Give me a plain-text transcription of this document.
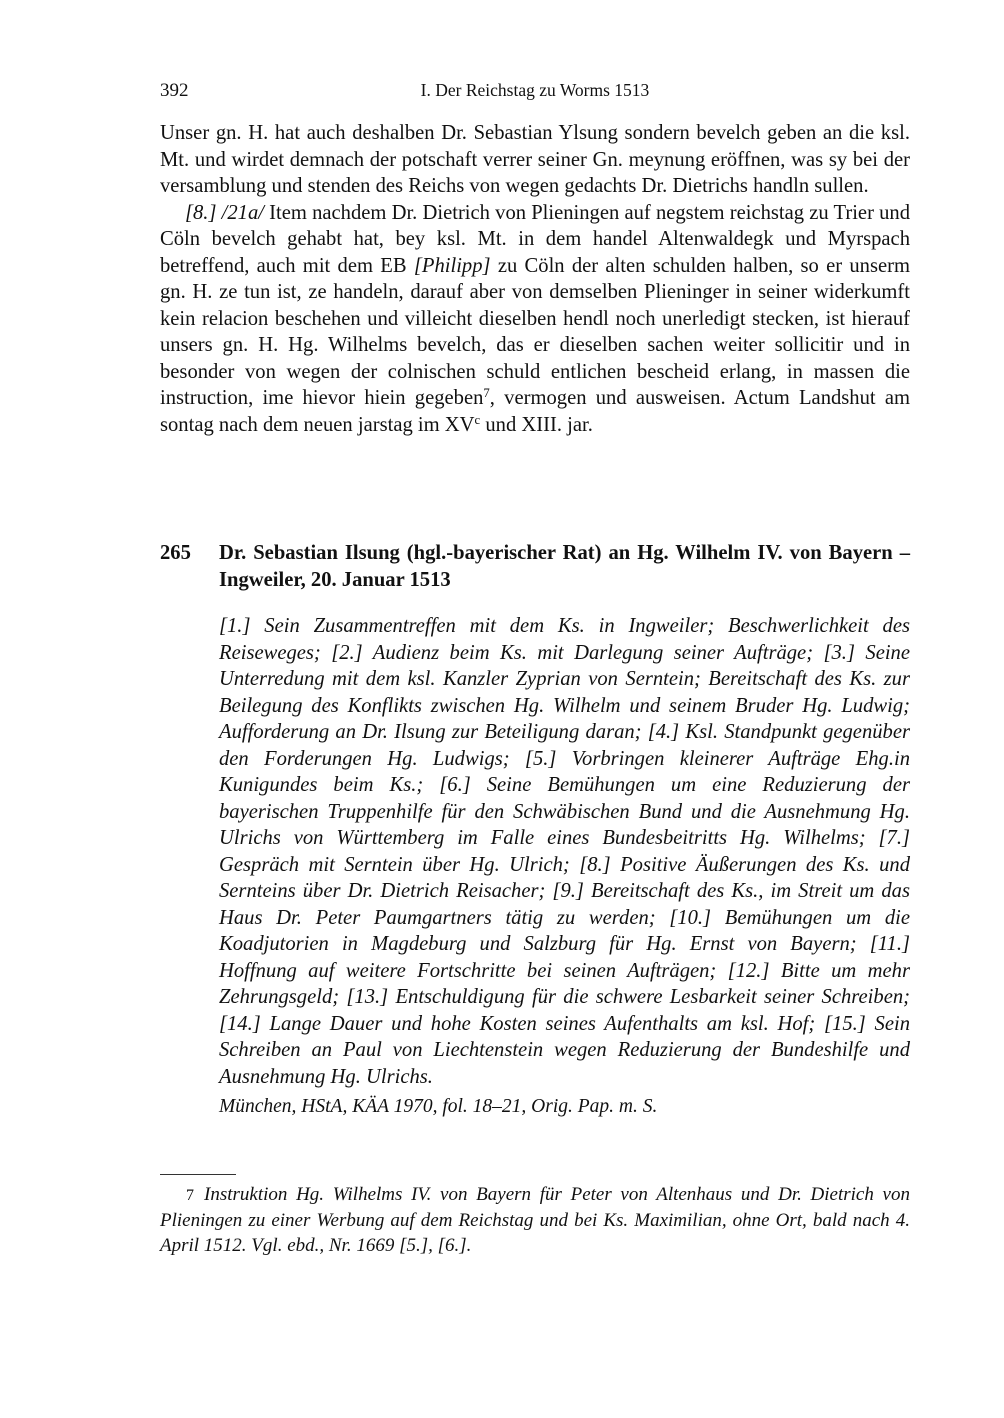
392	I. Der Reichstag zu Worms 1513

Unser gn. H. hat auch deshalben Dr. Sebastian Ylsung sondern bevelch geben an die ksl. Mt. und wirdet demnach der potschaft verrer seiner Gn. meynung eröffnen, was sy bei der versamblung und stenden des Reichs von wegen gedachts Dr. Dietrichs handln sullen.

[8.] /21a/ Item nachdem Dr. Dietrich von Plieningen auf negstem reichstag zu Trier und Cöln bevelch gehabt hat, bey ksl. Mt. in dem handel Altenwaldegk und Myrspach betreffend, auch mit dem EB [Philipp] zu Cöln der alten schulden halben, so er unserm gn. H. ze tun ist, ze handeln, darauf aber von demselben Plieninger in seiner widerkumft kein relacion beschehen und villeicht dieselben hendl noch unerledigt stecken, ist hierauf unsers gn. H. Hg. Wilhelms bevelch, das er dieselben sachen weiter sollicitir und in besonder von wegen der colnischen schuld entlichen bescheid erlang, in massen die instruction, ime hievor hiein gegeben$^7$, vermogen und ausweisen. Actum Landshut am sontag nach dem neuen jarstag im $XV^c$ und XIII. jar.

265 Dr. Sebastian Ilsung (hgl.-bayerischer Rat) an Hg. Wilhelm IV. von Bayern – Ingweiler, 20. Januar 1513

[1.] Sein Zusammentreffen mit dem Ks. in Ingweiler; Beschwerlichkeit des Reiseweges; [2.] Audienz beim Ks. mit Darlegung seiner Aufträge; [3.] Seine Unterredung mit dem ksl. Kanzler Zyprian von Serntein; Bereitschaft des Ks. zur Beilegung des Konflikts zwischen Hg. Wilhelm und seinem Bruder Hg. Ludwig; Aufforderung an Dr. Ilsung zur Beteiligung daran; [4.] Ksl. Standpunkt gegenüber den Forderungen Hg. Ludwigs; [5.] Vorbringen kleinerer Aufträge Ehg.in Kunigundes beim Ks.; [6.] Seine Bemühungen um eine Reduzierung der bayerischen Truppenhilfe für den Schwäbischen Bund und die Ausnehmung Hg. Ulrichs von Württemberg im Falle eines Bundesbeitritts Hg. Wilhelms; [7.] Gespräch mit Serntein über Hg. Ulrich; [8.] Positive Äußerungen des Ks. und Sernteins über Dr. Dietrich Reisacher; [9.] Bereitschaft des Ks., im Streit um das Haus Dr. Peter Paumgartners tätig zu werden; [10.] Bemühungen um die Koadjutorien in Magdeburg und Salzburg für Hg. Ernst von Bayern; [11.] Hoffnung auf weitere Fortschritte bei seinen Aufträgen; [12.] Bitte um mehr Zehrungsgeld; [13.] Entschuldigung für die schwere Lesbarkeit seiner Schreiben; [14.] Lange Dauer und hohe Kosten seines Aufenthalts am ksl. Hof; [15.] Sein Schreiben an Paul von Liechtenstein wegen Reduzierung der Bundeshilfe und Ausnehmung Hg. Ulrichs.

München, HStA, KÄA 1970, fol. 18–21, Orig. Pap. m. S.

7 Instruktion Hg. Wilhelms IV. von Bayern für Peter von Altenhaus und Dr. Dietrich von Plieningen zu einer Werbung auf dem Reichstag und bei Ks. Maximilian, ohne Ort, bald nach 4. April 1512. Vgl. ebd., Nr. 1669 [5.], [6.].
